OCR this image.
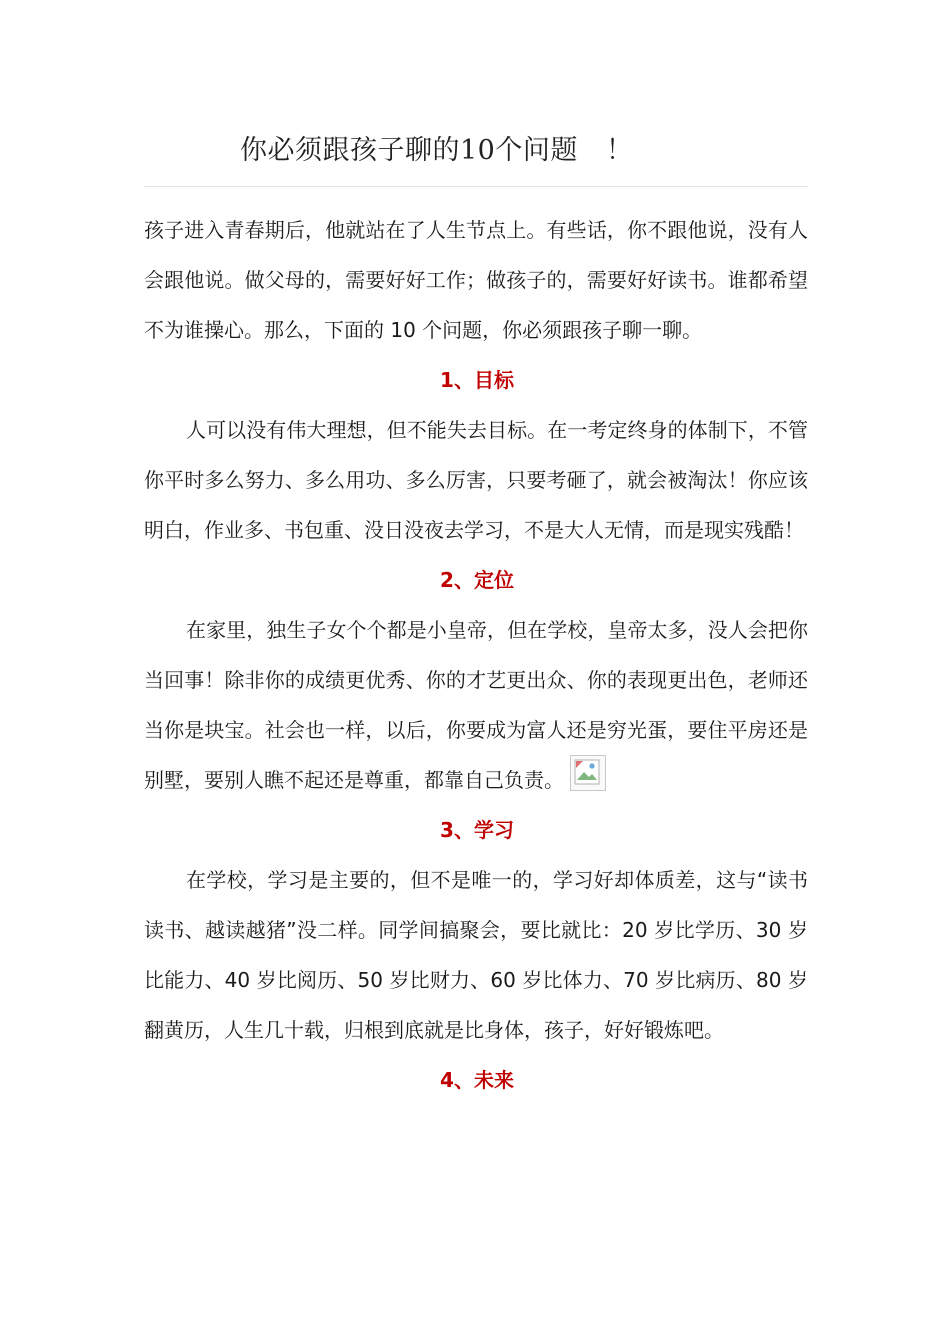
你必须跟孩子聊的10个问题 ！

孩子进入青春期后，他就站在了人生节点上。有些话，你不跟他说，没有人会跟他说。做父母的，需要好好工作；做孩子的，需要好好读书。谁都希望不为谁操心。那么，下面的 10 个问题，你必须跟孩子聊一聊。

1、目标

人可以没有伟大理想，但不能失去目标。在一考定终身的体制下，不管你平时多么努力、多么用功、多么厉害，只要考砸了，就会被淘汰！你应该明白，作业多、书包重、没日没夜去学习，不是大人无情，而是现实残酷！

2、定位

在家里，独生子女个个都是小皇帝，但在学校，皇帝太多，没人会把你当回事！除非你的成绩更优秀、你的才艺更出众、你的表现更出色，老师还当你是块宝。社会也一样，以后，你要成为富人还是穷光蛋，要住平房还是别墅，要别人瞧不起还是尊重，都靠自己负责。

3、学习

在学校，学习是主要的，但不是唯一的，学习好却体质差，这与“读书读书、越读越猪”没二样。同学间搞聚会，要比就比：20 岁比学历、30 岁比能力、40 岁比阅历、50 岁比财力、60 岁比体力、70 岁比病历、80 岁翻黄历，人生几十载，归根到底就是比身体，孩子，好好锻炼吧。

4、未来
